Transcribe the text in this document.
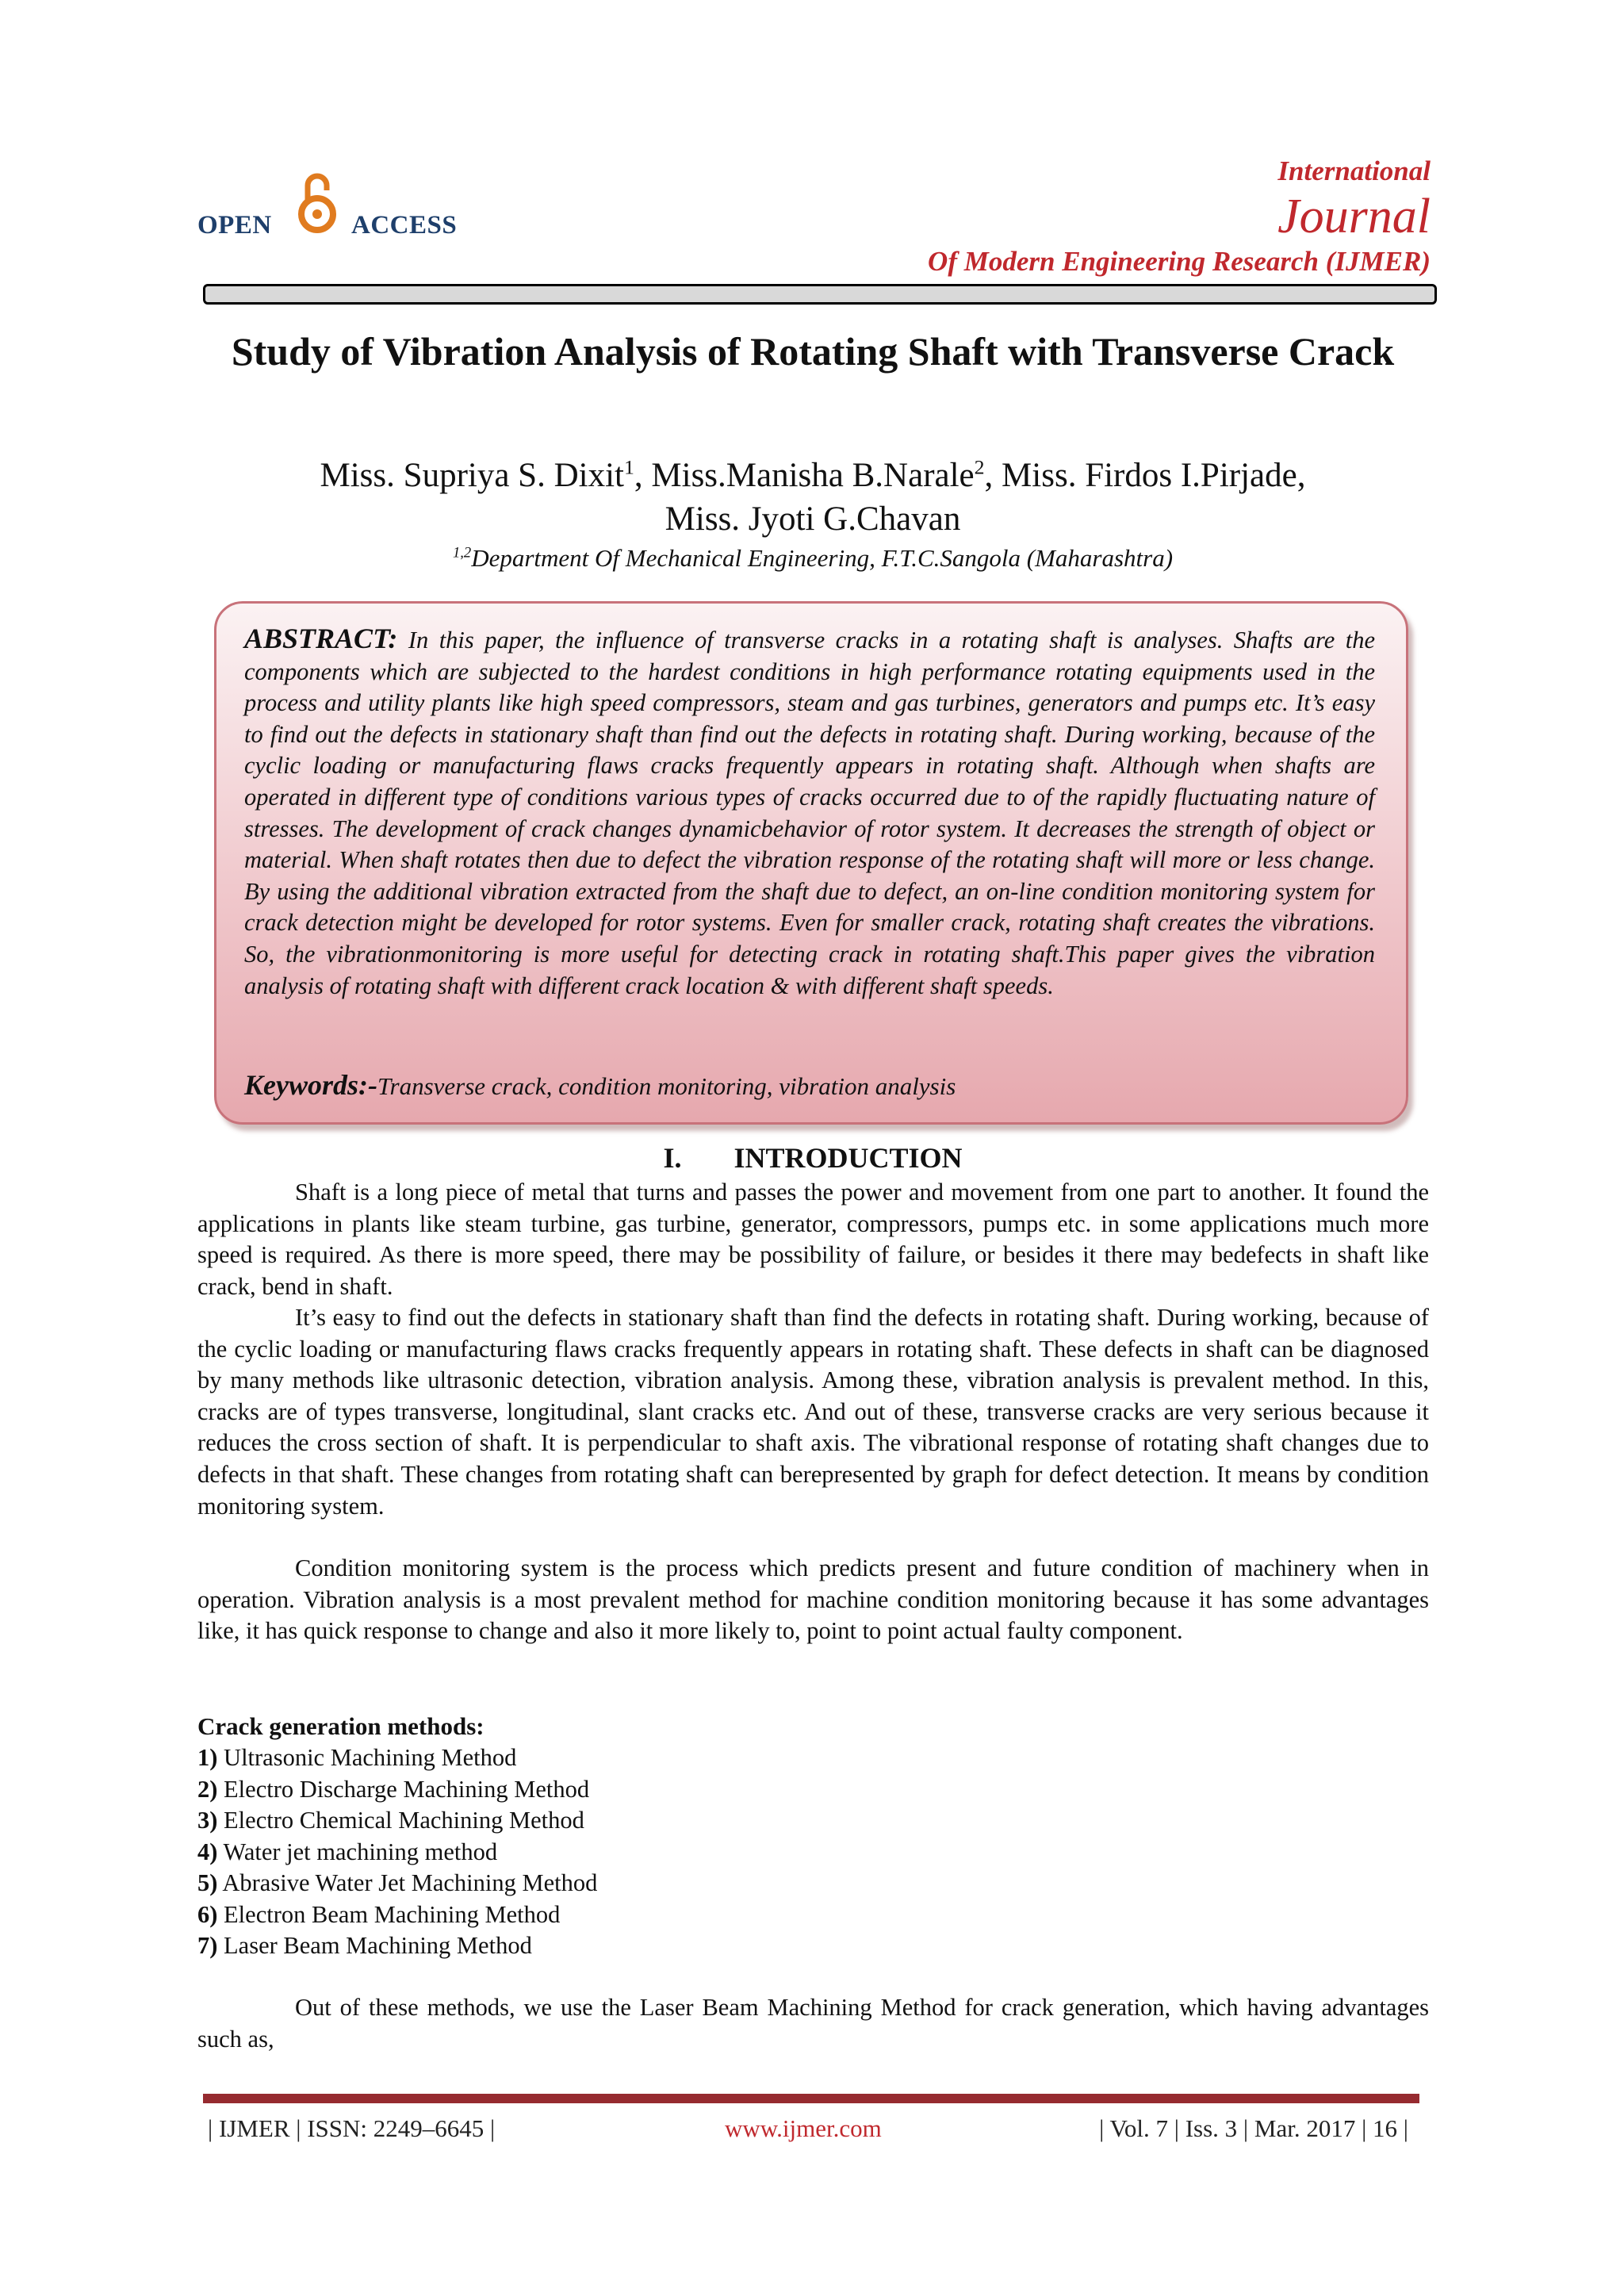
OPEN	ACCESS
International
Journal
Of Modern Engineering Research (IJMER)
Study of Vibration Analysis of Rotating Shaft with Transverse Crack
Miss. Supriya S. Dixit$^1$, Miss.Manisha B.Narale$^2$, Miss. Firdos I.Pirjade,
Miss. Jyoti G.Chavan
$^{1,2}$Department Of Mechanical Engineering, F.T.C.Sangola (Maharashtra)
ABSTRACT: In this paper, the influence of transverse cracks in a rotating shaft is analyses. Shafts are the components which are subjected to the hardest conditions in high performance rotating equipments used in the process and utility plants like high speed compressors, steam and gas turbines, generators and pumps etc. It’s easy to find out the defects in stationary shaft than find out the defects in rotating shaft. During working, because of the cyclic loading or manufacturing flaws cracks frequently appears in rotating shaft. Although when shafts are operated in different type of conditions various types of cracks occurred due to of the rapidly fluctuating nature of stresses. The development of crack changes dynamicbehavior of rotor system. It decreases the strength of object or material. When shaft rotates then due to defect the vibration response of the rotating shaft will more or less change. By using the additional vibration extracted from the shaft due to defect, an on-line condition monitoring system for crack detection might be developed for rotor systems. Even for smaller crack, rotating shaft creates the vibrations. So, the vibrationmonitoring is more useful for detecting crack in rotating shaft.This paper gives the vibration analysis of rotating shaft with different crack location & with different shaft speeds.
Keywords:-Transverse crack, condition monitoring, vibration analysis
I. INTRODUCTION

Shaft is a long piece of metal that turns and passes the power and movement from one part to another. It found the applications in plants like steam turbine, gas turbine, generator, compressors, pumps etc. in some applications much more speed is required. As there is more speed, there may be possibility of failure, or besides it there may bedefects in shaft like crack, bend in shaft.

It’s easy to find out the defects in stationary shaft than find the defects in rotating shaft. During working, because of the cyclic loading or manufacturing flaws cracks frequently appears in rotating shaft. These defects in shaft can be diagnosed by many methods like ultrasonic detection, vibration analysis. Among these, vibration analysis is prevalent method. In this, cracks are of types transverse, longitudinal, slant cracks etc. And out of these, transverse cracks are very serious because it reduces the cross section of shaft. It is perpendicular to shaft axis. The vibrational response of rotating shaft changes due to defects in that shaft. These changes from rotating shaft can berepresented by graph for defect detection. It means by condition monitoring system.

Condition monitoring system is the process which predicts present and future condition of machinery when in operation. Vibration analysis is a most prevalent method for machine condition monitoring because it has some advantages like, it has quick response to change and also it more likely to, point to point actual faulty component.

Crack generation methods:
1) Ultrasonic Machining Method
2) Electro Discharge Machining Method
3) Electro Chemical Machining Method
4) Water jet machining method
5) Abrasive Water Jet Machining Method
6) Electron Beam Machining Method
7) Laser Beam Machining Method

Out of these methods, we use the Laser Beam Machining Method for crack generation, which having advantages such as,

| IJMER | ISSN: 2249–6645 |	www.ijmer.com	| Vol. 7 | Iss. 3 | Mar. 2017 | 16 |
